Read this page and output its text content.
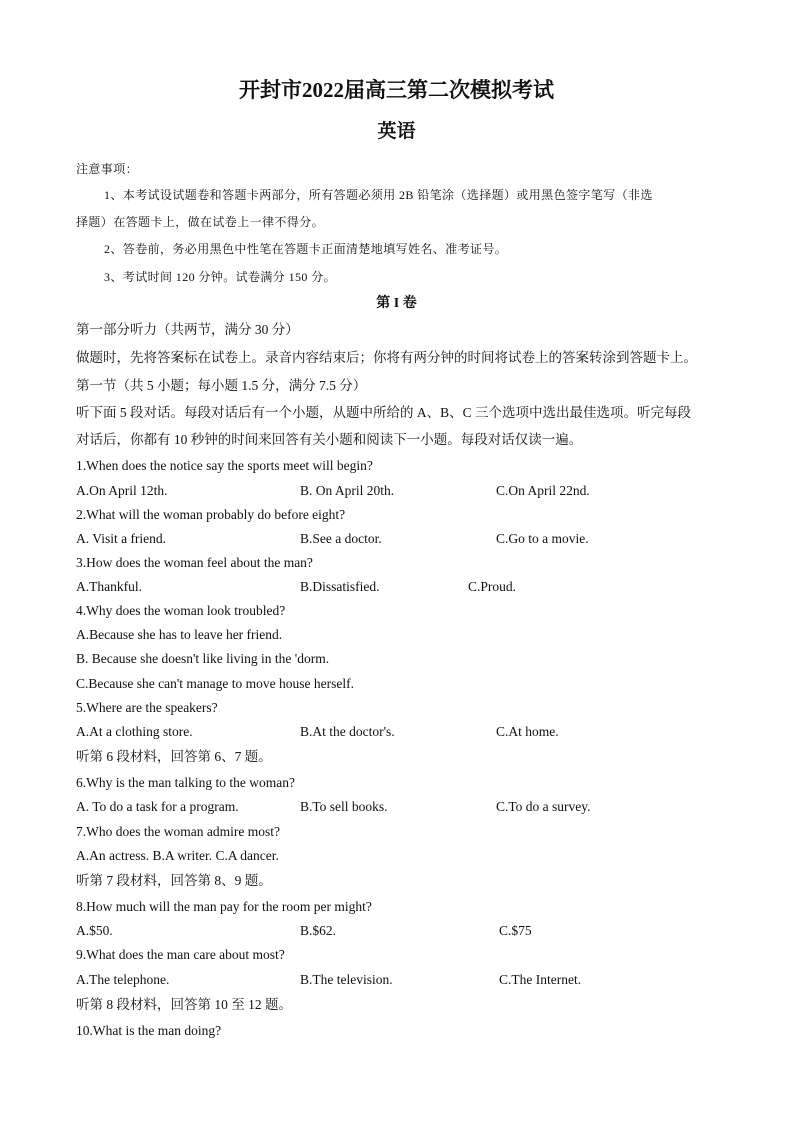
开封市2022届高三第二次模拟考试
英语
注意事项：
1、本考试设试题卷和答题卡两部分，所有答题必须用 2B 铅笔涂（选择题）或用黑色签字笔写（非选
择题）在答题卡上，做在试卷上一律不得分。
2、答卷前，务必用黑色中性笔在答题卡正面清楚地填写姓名、准考证号。
3、考试时间 120 分钟。试卷满分 150 分。
第 I 卷
第一部分听力（共两节，满分 30 分）
做题时，先将答案标在试卷上。录音内容结束后；你将有两分钟的时间将试卷上的答案转涂到答题卡上。
第一节（共 5 小题；每小题 1.5 分，满分 7.5 分）
听下面 5 段对话。每段对话后有一个小题，从题中所给的 A、B、C 三个选项中选出最佳选项。听完每段
对话后，你都有 10 秒钟的时间来回答有关小题和阅读下一小题。每段对话仅读一遍。
1.When does the notice say the sports meet will begin?
A.On April 12th.	B. On April 20th.	C.On April 22nd.
2.What will the woman probably do before eight?
A. Visit a friend.	B.See a doctor.	C.Go to a movie.
3.How does the woman feel about the man?
A.Thankful.	B.Dissatisfied.	C.Proud.
4.Why does the woman look troubled?
A.Because she has to leave her friend.
B. Because she doesn't like living in the 'dorm.
C.Because she can't manage to move house herself.
5.Where are the speakers?
A.At a clothing store.	B.At the doctor's.	C.At home.
听第 6 段材料，回答第 6、7 题。
6.Why is the man talking to the woman?
A. To do a task for a program.	B.To sell books.	C.To do a survey.
7.Who does the woman admire most?
A.An actress. B.A writer. C.A dancer.
听第 7 段材料，回答第 8、9 题。
8.How much will the man pay for the room per might?
A.$50.	B.$62.	C.$75
9.What does the man care about most?
A.The telephone.	B.The television.	C.The Internet.
听第 8 段材料，回答第 10 至 12 题。
10.What is the man doing?
